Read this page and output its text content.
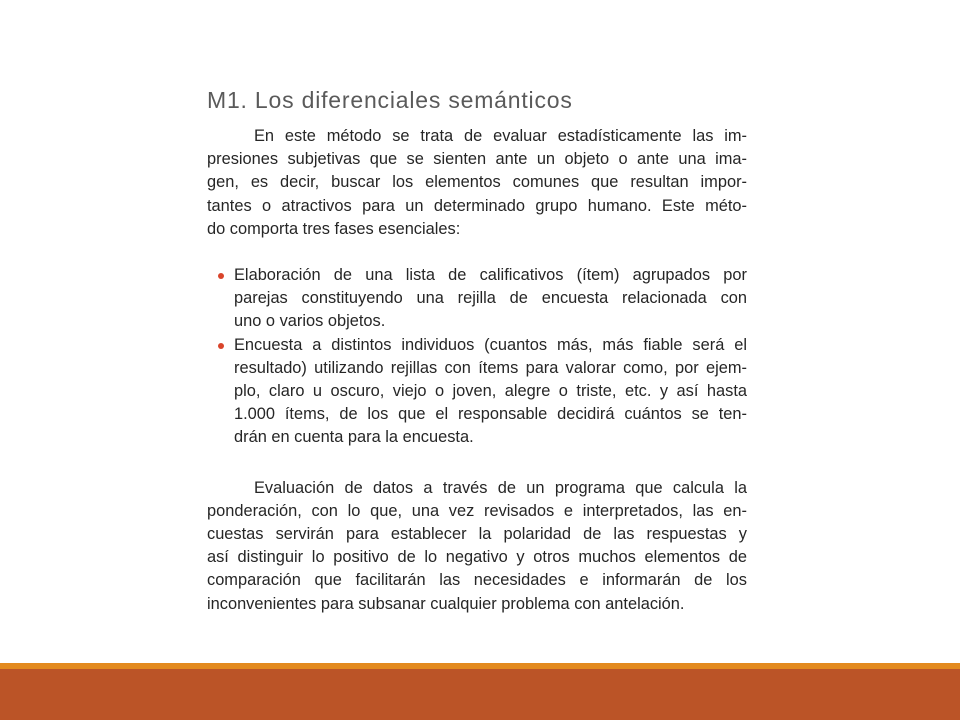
M1. Los diferenciales semánticos

En este método se trata de evaluar estadísticamente las im-
presiones subjetivas que se sienten ante un objeto o ante una ima-
gen, es decir, buscar los elementos comunes que resultan impor-
tantes o atractivos para un determinado grupo humano. Este méto-
do comporta tres fases esenciales:

Elaboración de una lista de calificativos (ítem) agrupados por
parejas constituyendo una rejilla de encuesta relacionada con
uno o varios objetos.
Encuesta a distintos individuos (cuantos más, más fiable será el
resultado) utilizando rejillas con ítems para valorar como, por ejem-
plo, claro u oscuro, viejo o joven, alegre o triste, etc. y así hasta
1.000 ítems, de los que el responsable decidirá cuántos se ten-
drán en cuenta para la encuesta.

Evaluación de datos a través de un programa que calcula la
ponderación, con lo que, una vez revisados e interpretados, las en-
cuestas servirán para establecer la polaridad de las respuestas y
así distinguir lo positivo de lo negativo y otros muchos elementos de
comparación que facilitarán las necesidades e informarán de los
inconvenientes para subsanar cualquier problema con antelación.
